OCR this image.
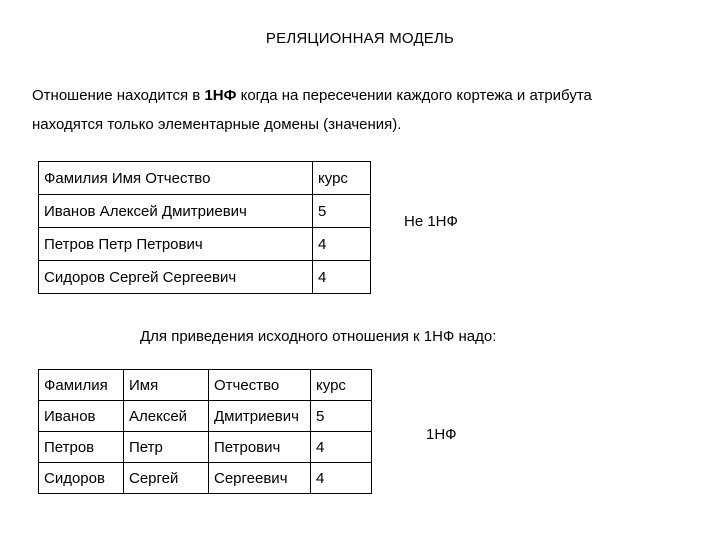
РЕЛЯЦИОННАЯ МОДЕЛЬ
Отношение находится в 1НФ когда на пересечении каждого кортежа и атрибута
находятся только элементарные домены (значения).
Фамилия Имя Отчество	курс
Иванов Алексей Дмитриевич	5
Петров Петр Петрович	4
Сидоров Сергей Сергеевич	4
Не 1НФ
Для приведения исходного отношения к 1НФ надо:
Фамилия	Имя	Отчество	курс
Иванов	Алексей	Дмитриевич	5
Петров	Петр	Петрович	4
Сидоров	Сергей	Сергеевич	4
1НФ
